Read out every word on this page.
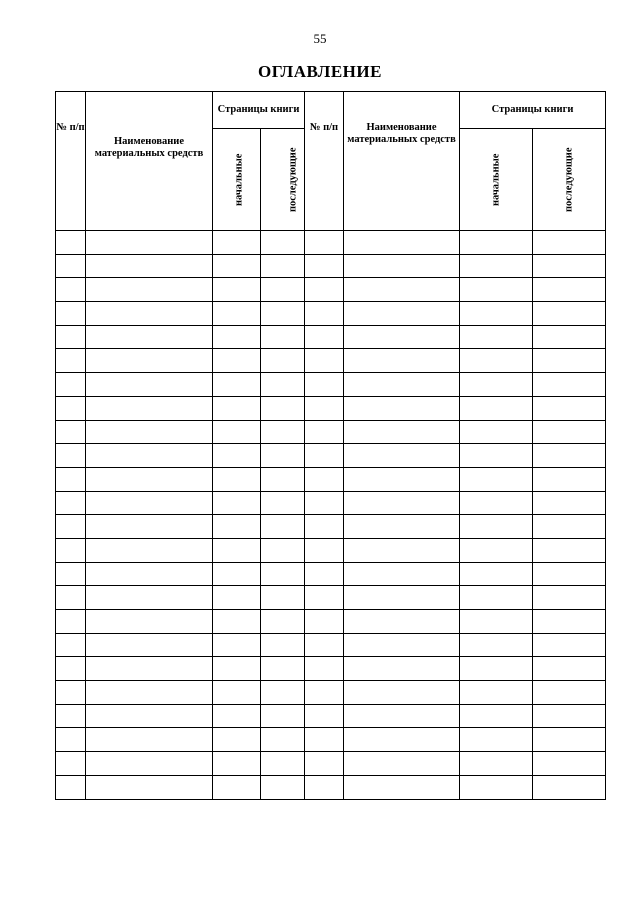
55
ОГЛАВЛЕНИЕ
№ п/п	Наименование материальных средств	Страницы книги		№ п/п	Наименование материальных средств	Страницы книги	
		начальные	последующие			начальные	последующие
